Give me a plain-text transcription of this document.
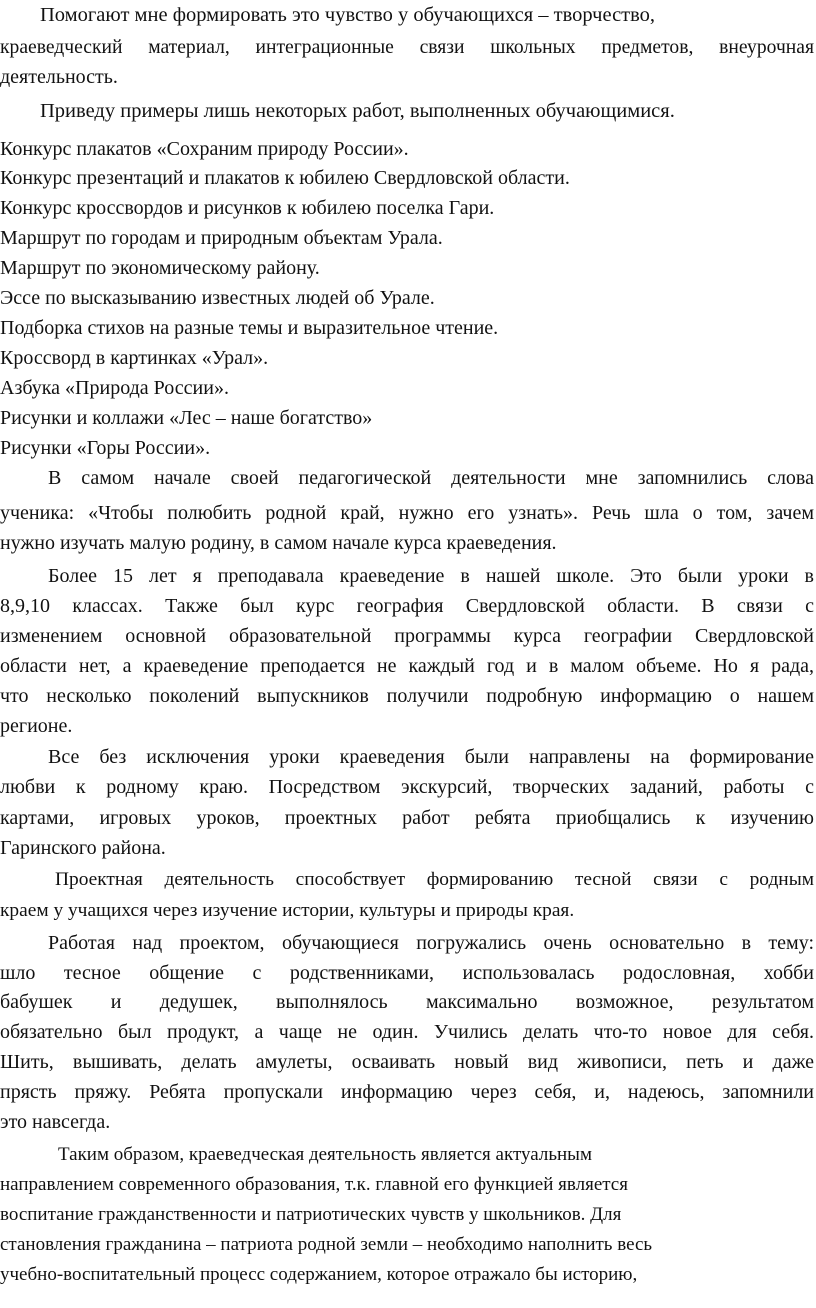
Помогают мне формировать это чувство у обучающихся – творчество,
краеведческий материал, интеграционные связи школьных предметов, внеурочная
деятельность.
Приведу примеры лишь некоторых работ, выполненных обучающимися.
Конкурс плакатов «Сохраним природу России».
Конкурс презентаций и плакатов к юбилею Свердловской области.
Конкурс кроссвордов и рисунков к юбилею поселка Гари.
Маршрут по городам и природным объектам Урала.
Маршрут по экономическому району.
Эссе по высказыванию известных людей об Урале.
Подборка стихов на разные темы и выразительное чтение.
Кроссворд в картинках «Урал».
Азбука «Природа России».
Рисунки и коллажи «Лес – наше богатство»
Рисунки «Горы России».
В самом начале своей педагогической деятельности мне запомнились слова
ученика: «Чтобы полюбить родной край, нужно его узнать». Речь шла о том, зачем
нужно изучать малую родину, в самом начале курса краеведения.
Более 15 лет я преподавала краеведение в нашей школе. Это были уроки в
8,9,10 классах. Также был курс география Свердловской области. В связи с
изменением основной образовательной программы курса географии Свердловской
области нет, а краеведение преподается не каждый год и в малом объеме. Но я рада,
что несколько поколений выпускников получили подробную информацию о нашем
регионе.
Все без исключения уроки краеведения были направлены на формирование
любви к родному краю. Посредством экскурсий, творческих заданий, работы с
картами, игровых уроков, проектных работ ребята приобщались к изучению
Гаринского района.
Проектная деятельность способствует формированию тесной связи с родным
краем у учащихся через изучение истории, культуры и природы края.
Работая над проектом, обучающиеся погружались очень основательно в тему:
шло тесное общение с родственниками, использовалась родословная, хобби
бабушек и дедушек, выполнялось максимально возможное, результатом
обязательно был продукт, а чаще не один. Учились делать что-то новое для себя.
Шить, вышивать, делать амулеты, осваивать новый вид живописи, петь и даже
прясть пряжу. Ребята пропускали информацию через себя, и, надеюсь, запомнили
это навсегда.
Таким образом, краеведческая деятельность является актуальным
направлением современного образования, т.к. главной его функцией является
воспитание гражданственности и патриотических чувств у школьников. Для
становления гражданина – патриота родной земли – необходимо наполнить весь
учебно-воспитательный процесс содержанием, которое отражало бы историю,
